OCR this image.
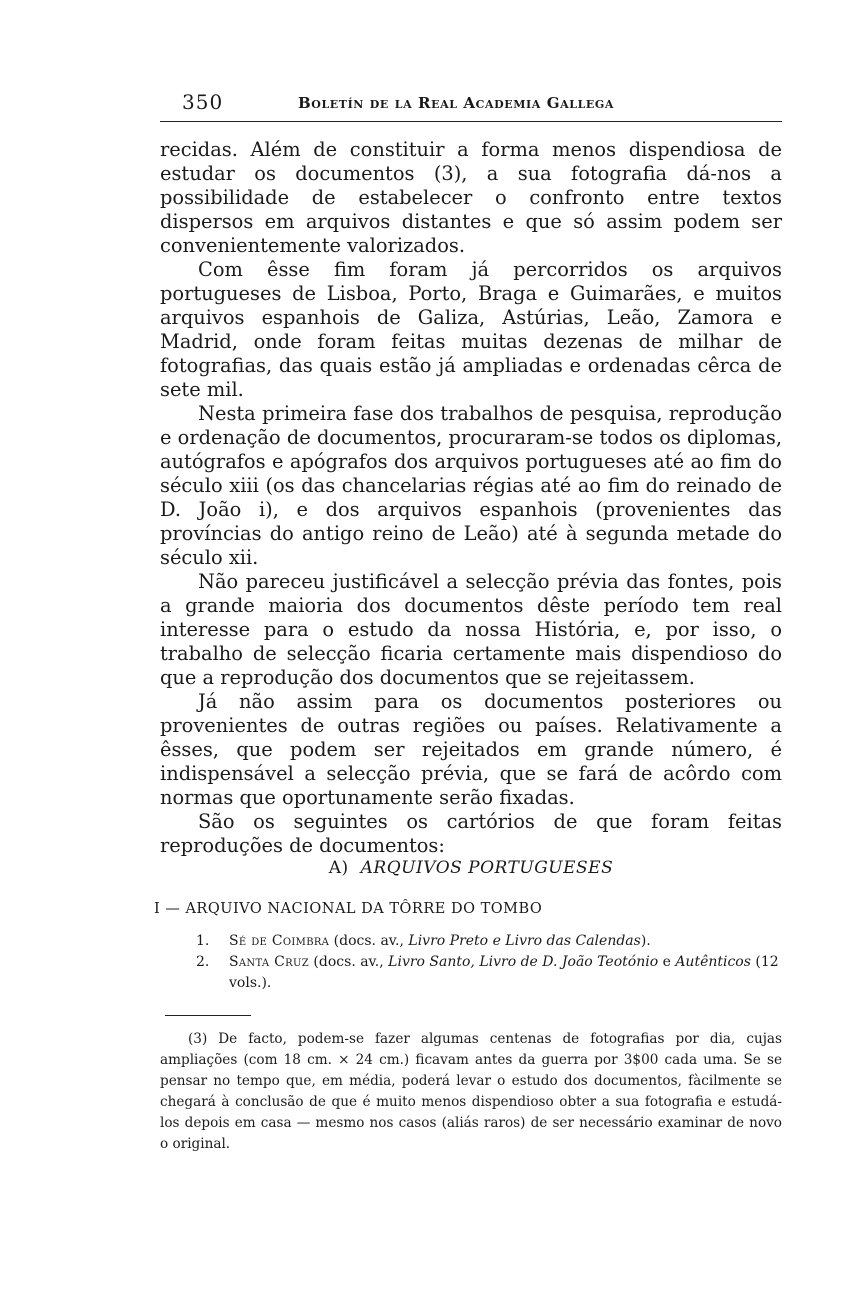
350	Boletín de la Real Academia Gallega

recidas. Além de constituir a forma menos dispendiosa de estudar os documentos (3), a sua fotografia dá-nos a possibilidade de estabelecer o confronto entre textos dispersos em arquivos distantes e que só assim podem ser convenientemente valorizados.

Com êsse fim foram já percorridos os arquivos portugueses de Lisboa, Porto, Braga e Guimarães, e muitos arquivos espanhois de Galiza, Astúrias, Leão, Zamora e Madrid, onde foram feitas muitas dezenas de milhar de fotografias, das quais estão já ampliadas e ordenadas cêrca de sete mil.

Nesta primeira fase dos trabalhos de pesquisa, reprodução e ordenação de documentos, procuraram-se todos os diplomas, autógrafos e apógrafos dos arquivos portugueses até ao fim do século xiii (os das chancelarias régias até ao fim do reinado de D. João i), e dos arquivos espanhois (provenientes das províncias do antigo reino de Leão) até à segunda metade do século xii.

Não pareceu justificável a selecção prévia das fontes, pois a grande maioria dos documentos dêste período tem real interesse para o estudo da nossa História, e, por isso, o trabalho de selecção ficaria certamente mais dispendioso do que a reprodução dos documentos que se rejeitassem.

Já não assim para os documentos posteriores ou provenientes de outras regiões ou países. Relativamente a êsses, que podem ser rejeitados em grande número, é indispensável a selecção prévia, que se fará de acôrdo com normas que oportunamente serão fixadas.

São os seguintes os cartórios de que foram feitas reproduções de documentos:

A) ARQUIVOS PORTUGUESES
I — ARQUIVO NACIONAL DA TÔRRE DO TOMBO

1. Sé de Coimbra (docs. av., Livro Preto e Livro das Calendas).

2. Santa Cruz (docs. av., Livro Santo, Livro de D. João Teotónio e Autênticos (12 vols.).

(3) De facto, podem-se fazer algumas centenas de fotografias por dia, cujas ampliações (com 18 cm. × 24 cm.) ficavam antes da guerra por 3$00 cada uma. Se se pensar no tempo que, em média, poderá levar o estudo dos documentos, fàcilmente se chegará à conclusão de que é muito menos dispendioso obter a sua fotografia e estudá-los depois em casa — mesmo nos casos (aliás raros) de ser necessário examinar de novo o original.
